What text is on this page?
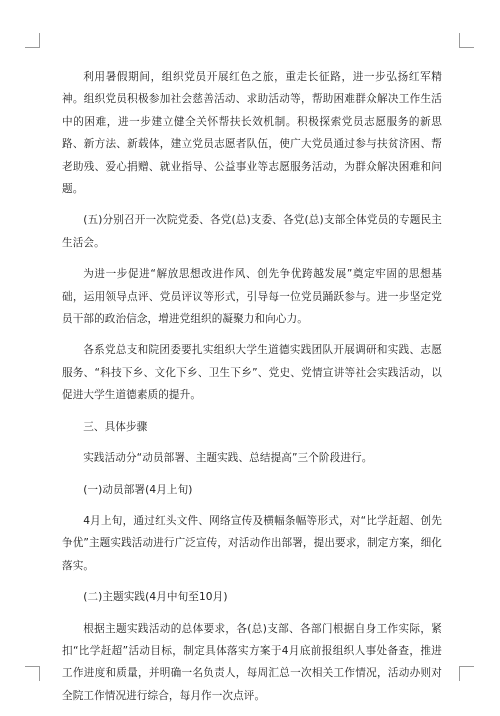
利用暑假期间，组织党员开展红色之旅，重走长征路，进一步弘扬红军精神。组织党员积极参加社会慈善活动、求助活动等，帮助困难群众解决工作生活中的困难，进一步建立健全关怀帮扶长效机制。积极探索党员志愿服务的新思路、新方法、新载体，建立党员志愿者队伍，使广大党员通过参与扶贫济困、帮老助残、爱心捐赠、就业指导、公益事业等志愿服务活动，为群众解决困难和问题。

(五)分别召开一次院党委、各党(总)支委、各党(总)支部全体党员的专题民主生活会。

为进一步促进“解放思想改进作风、创先争优跨越发展”奠定牢固的思想基础，运用领导点评、党员评议等形式，引导每一位党员踊跃参与。进一步坚定党员干部的政治信念，增进党组织的凝聚力和向心力。

各系党总支和院团委要扎实组织大学生道德实践团队开展调研和实践、志愿服务、“科技下乡、文化下乡、卫生下乡”、党史、党情宣讲等社会实践活动，以促进大学生道德素质的提升。

三、具体步骤

实践活动分“动员部署、主题实践、总结提高”三个阶段进行。

(一)动员部署(4月上旬)

4月上旬，通过红头文件、网络宣传及横幅条幅等形式，对“比学赶超、创先争优”主题实践活动进行广泛宣传，对活动作出部署，提出要求，制定方案，细化落实。

(二)主题实践(4月中旬至10月)

根据主题实践活动的总体要求，各(总)支部、各部门根据自身工作实际，紧扣“比学赶超”活动目标，制定具体落实方案于4月底前报组织人事处备查，推进工作进度和质量，并明确一名负责人，每周汇总一次相关工作情况，活动办则对全院工作情况进行综合，每月作一次点评。
